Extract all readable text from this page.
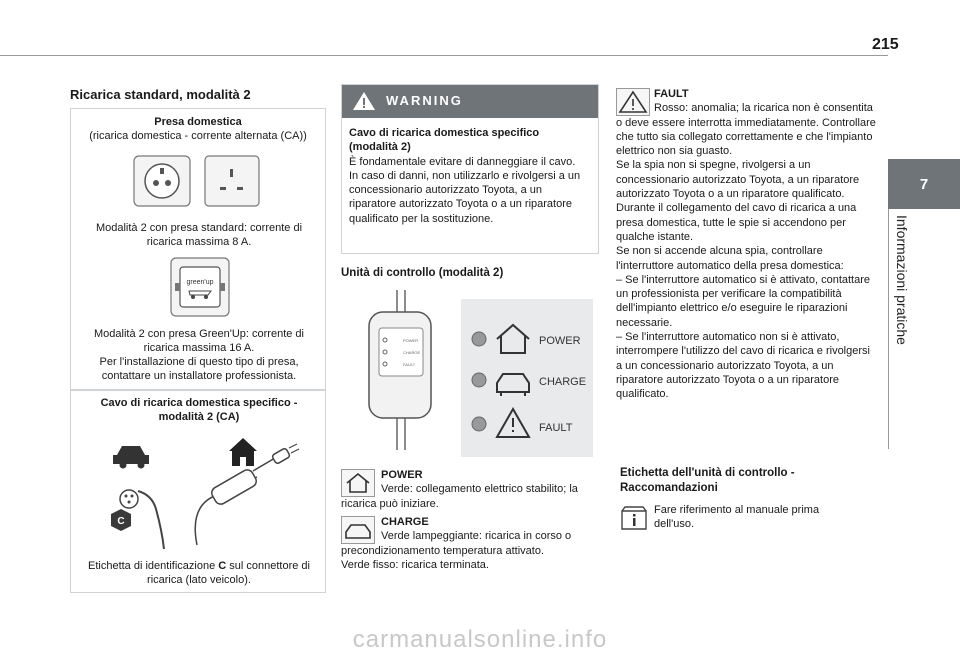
215
7
Informazioni pratiche
Ricarica standard, modalità 2
Presa domestica
(ricarica domestica - corrente alternata (CA))
Modalità 2 con presa standard: corrente di ricarica massima 8 A.
green'up
Modalità 2 con presa Green'Up: corrente di ricarica massima 16 A.
Per l'installazione di questo tipo di presa, contattare un installatore professionista.
Cavo di ricarica domestica specifico - modalità 2 (CA)
C
Etichetta di identificazione C sul connettore di ricarica (lato veicolo).
WARNING
Cavo di ricarica domestica specifico (modalità 2)
È fondamentale evitare di danneggiare il cavo.
In caso di danni, non utilizzarlo e rivolgersi a un concessionario autorizzato Toyota, a un riparatore autorizzato Toyota o a un riparatore qualificato per la sostituzione.
Unità di controllo (modalità 2)
POWER
CHARGE
FAULT
POWER
CHARGE
FAULT
POWER
Verde: collegamento elettrico stabilito; la ricarica può iniziare.
CHARGE
Verde lampeggiante: ricarica in corso o precondizionamento temperatura attivato.
Verde fisso: ricarica terminata.
FAULT
Rosso: anomalia; la ricarica non è consentita o deve essere interrotta immediatamente. Controllare che tutto sia collegato correttamente e che l'impianto elettrico non sia guasto.
Se la spia non si spegne, rivolgersi a un concessionario autorizzato Toyota, a un riparatore autorizzato Toyota o a un riparatore qualificato.
Durante il collegamento del cavo di ricarica a una presa domestica, tutte le spie si accendono per qualche istante.
Se non si accende alcuna spia, controllare l'interruttore automatico della presa domestica:
– Se l'interruttore automatico si è attivato, contattare un professionista per verificare la compatibilità dell'impianto elettrico e/o eseguire le riparazioni necessarie.
– Se l'interruttore automatico non si è attivato, interrompere l'utilizzo del cavo di ricarica e rivolgersi a un concessionario autorizzato Toyota, a un riparatore autorizzato Toyota o a un riparatore qualificato.
Etichetta dell'unità di controllo - Raccomandazioni
Fare riferimento al manuale prima dell'uso.
carmanualsonline.info
